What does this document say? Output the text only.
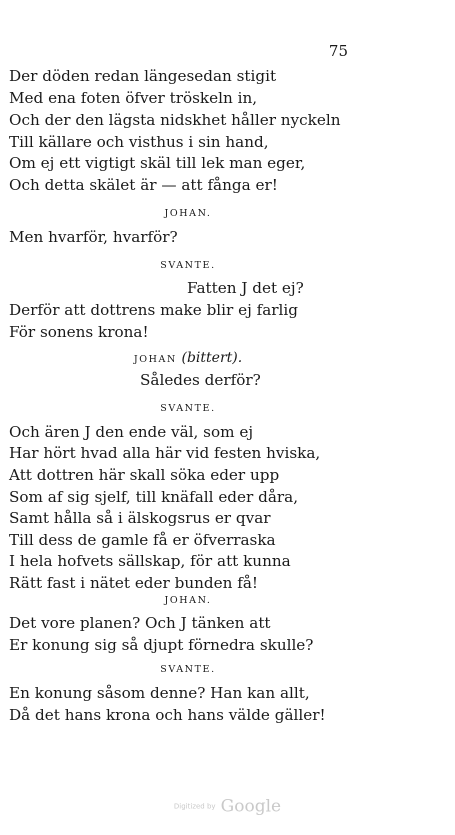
75
Der döden redan längesedan stigit
Med ena foten öfver tröskeln in,
Och der den lägsta nidskhet håller nyckeln
Till källare och visthus i sin hand,
Om ej ett vigtigt skäl till lek man eger,
Och detta skälet är — att fånga er!
JOHAN.
Men hvarför, hvarför?
SVANTE.
Fatten J det ej?
Derför att dottrens make blir ej farlig
För sonens krona!
JOHAN (bittert).
Således derför?
SVANTE.
Och ären J den ende väl, som ej
Har hört hvad alla här vid festen hviska,
Att dottren här skall söka eder upp
Som af sig sjelf, till knäfall eder dåra,
Samt hålla så i älskogsrus er qvar
Till dess de gamle få er öfverraska
I hela hofvets sällskap, för att kunna
Rätt fast i nätet eder bunden få!
JOHAN.
Det vore planen? Och J tänken att
Er konung sig så djupt förnedra skulle?
SVANTE.
En konung såsom denne? Han kan allt,
Då det hans krona och hans välde gäller!
Digitized by Google
